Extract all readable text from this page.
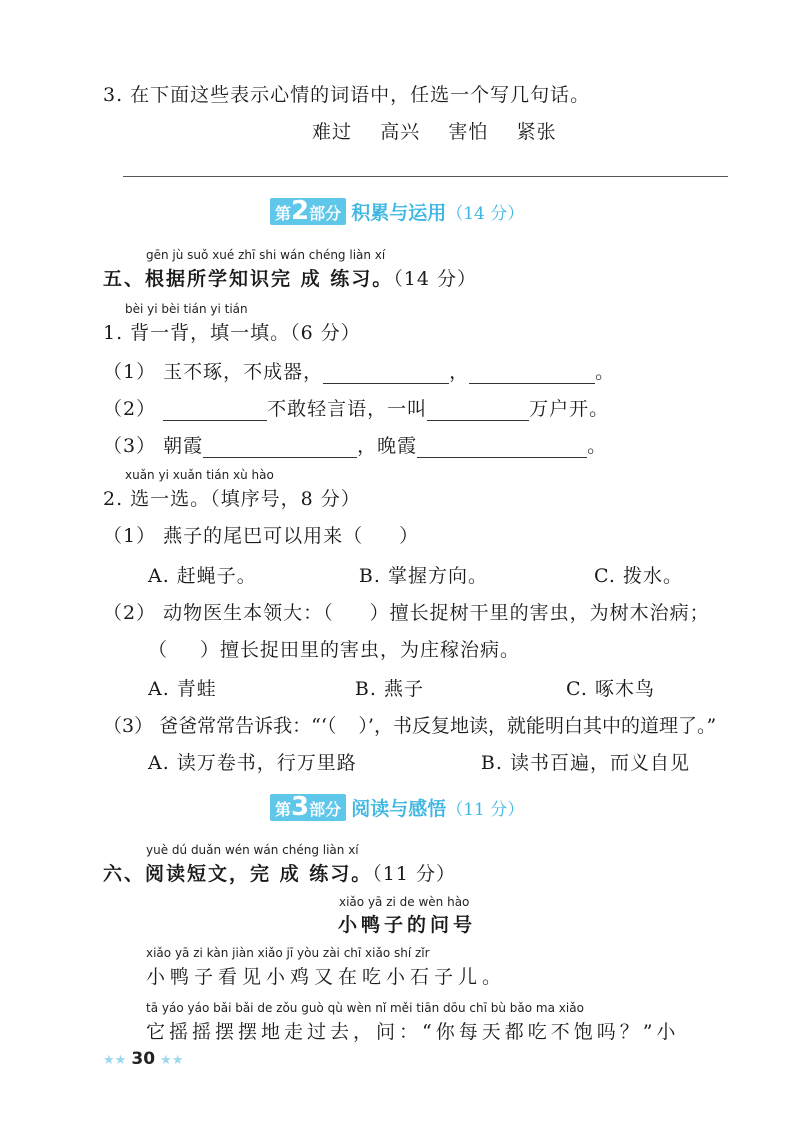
3. 在下面这些表示心情的词语中，任选一个写几句话。
难过 高兴 害怕 紧张
第2部分 积累与运用（14 分）
gēn jù suǒ xué zhī shi wán chéng liàn xí
五、根据所学知识完 成 练习。（14 分）
bèi yi bèi tián yi tián
1. 背一背，填一填。（6 分）
（1） 玉不琢，不成器，	，	。
（2）	不敢轻言语，一叫	万户开。
（3） 朝霞	，晚霞	。
xuǎn yi xuǎn tián xù hào
2. 选一选。（填序号，8 分）
（1） 燕子的尾巴可以用来（ ）
A. 赶蝇子。	B. 掌握方向。	C. 拨水。
（2） 动物医生本领大：（ ）擅长捉树干里的害虫，为树木治病；
（ ）擅长捉田里的害虫，为庄稼治病。
A. 青蛙	B. 燕子	C. 啄木鸟
（3） 爸爸常常告诉我：“‘（ ）’，书反复地读，就能明白其中的道理了。”
A. 读万卷书，行万里路	B. 读书百遍，而义自见
第3部分 阅读与感悟（11 分）
yuè dú duǎn wén wán chéng liàn xí
六、阅读短文，完 成 练习。（11 分）
xiǎo yā zi de wèn hào
小鸭子的问号
xiǎo yā zi kàn jiàn xiǎo jī yòu zài chī xiǎo shí zǐr
小鸭子看见小鸡又在吃小石子儿。
tā yáo yáo bǎi bǎi de zǒu guò qù wèn nǐ měi tiān dōu chī bù bǎo ma xiǎo
它摇摇摆摆地走过去，问：“你每天都吃不饱吗？”小
★★ 30 ★★
